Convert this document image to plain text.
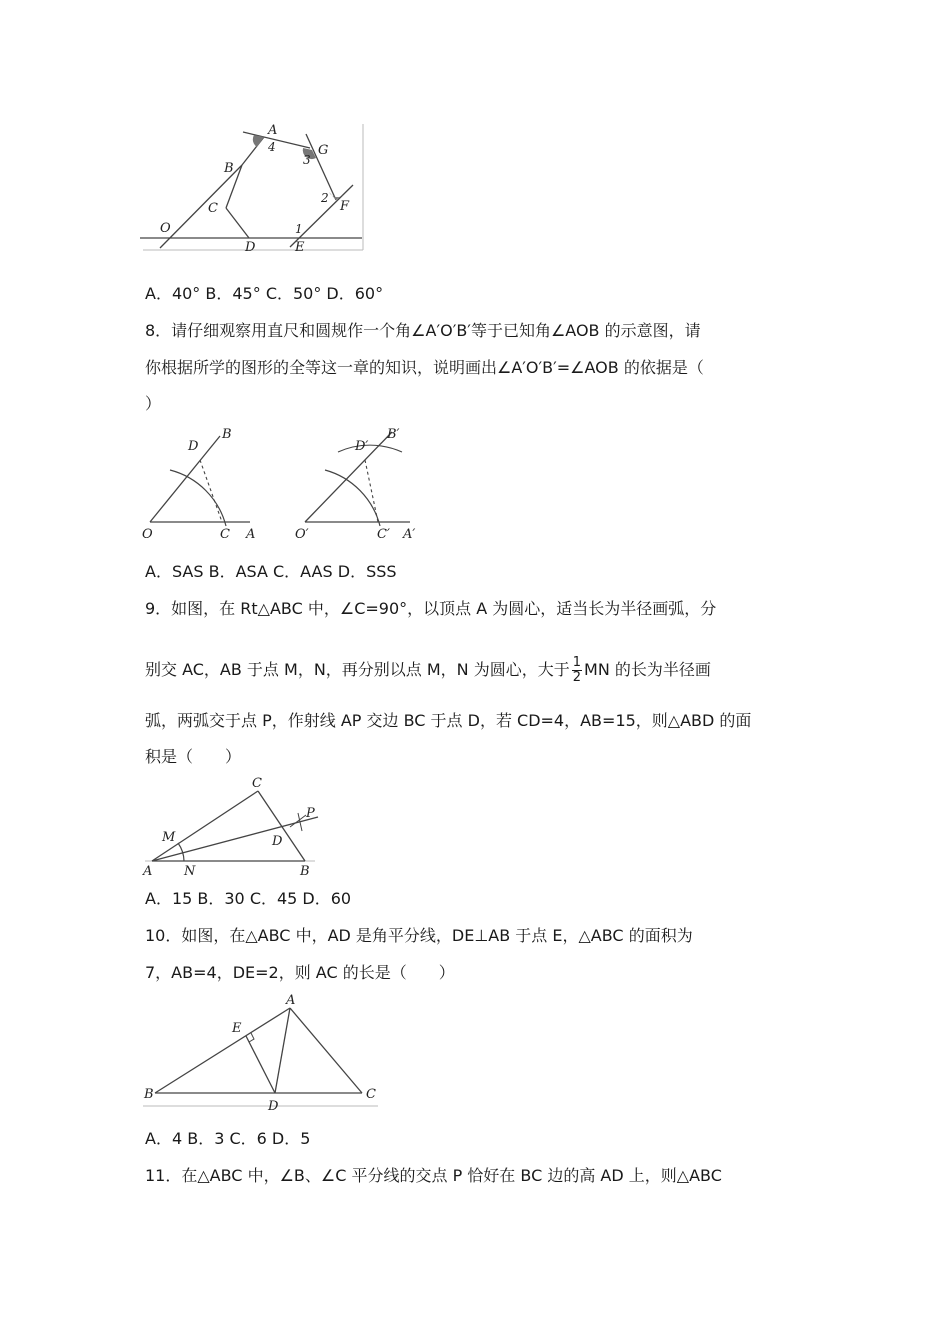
A
4
3
G
B
C
2
F
1
O
D	E
A．40° B．45° C．50° D．60°
8．请仔细观察用直尺和圆规作一个角∠A′O′B′等于已知角∠AOB 的示意图，请
你根据所学的图形的全等这一章的知识，说明画出∠A′O′B′=∠AOB 的依据是（
）
D
B
O	C A
D′
B′
O′	C′ A′
A．SAS B．ASA C．AAS D．SSS
9．如图，在 Rt△ABC 中，∠C=90°，以顶点 A 为圆心，适当长为半径画弧，分
别交 AC，AB 于点 M，N，再分别以点 M，N 为圆心，大于 $\frac{1}{2}$ MN 的长为半径画
弧，两弧交于点 P，作射线 AP 交边 BC 于点 D，若 CD=4，AB=15，则△ABD 的面
积是（　　）
C
P
M	D
A N	B
A．15 B．30 C．45 D．60
10．如图，在△ABC 中，AD 是角平分线，DE⊥AB 于点 E，△ABC 的面积为
7，AB=4，DE=2，则 AC 的长是（　　）
A
E
B
D
C
A．4 B．3 C．6 D．5
11．在△ABC 中，∠B、∠C 平分线的交点 P 恰好在 BC 边的高 AD 上，则△ABC
